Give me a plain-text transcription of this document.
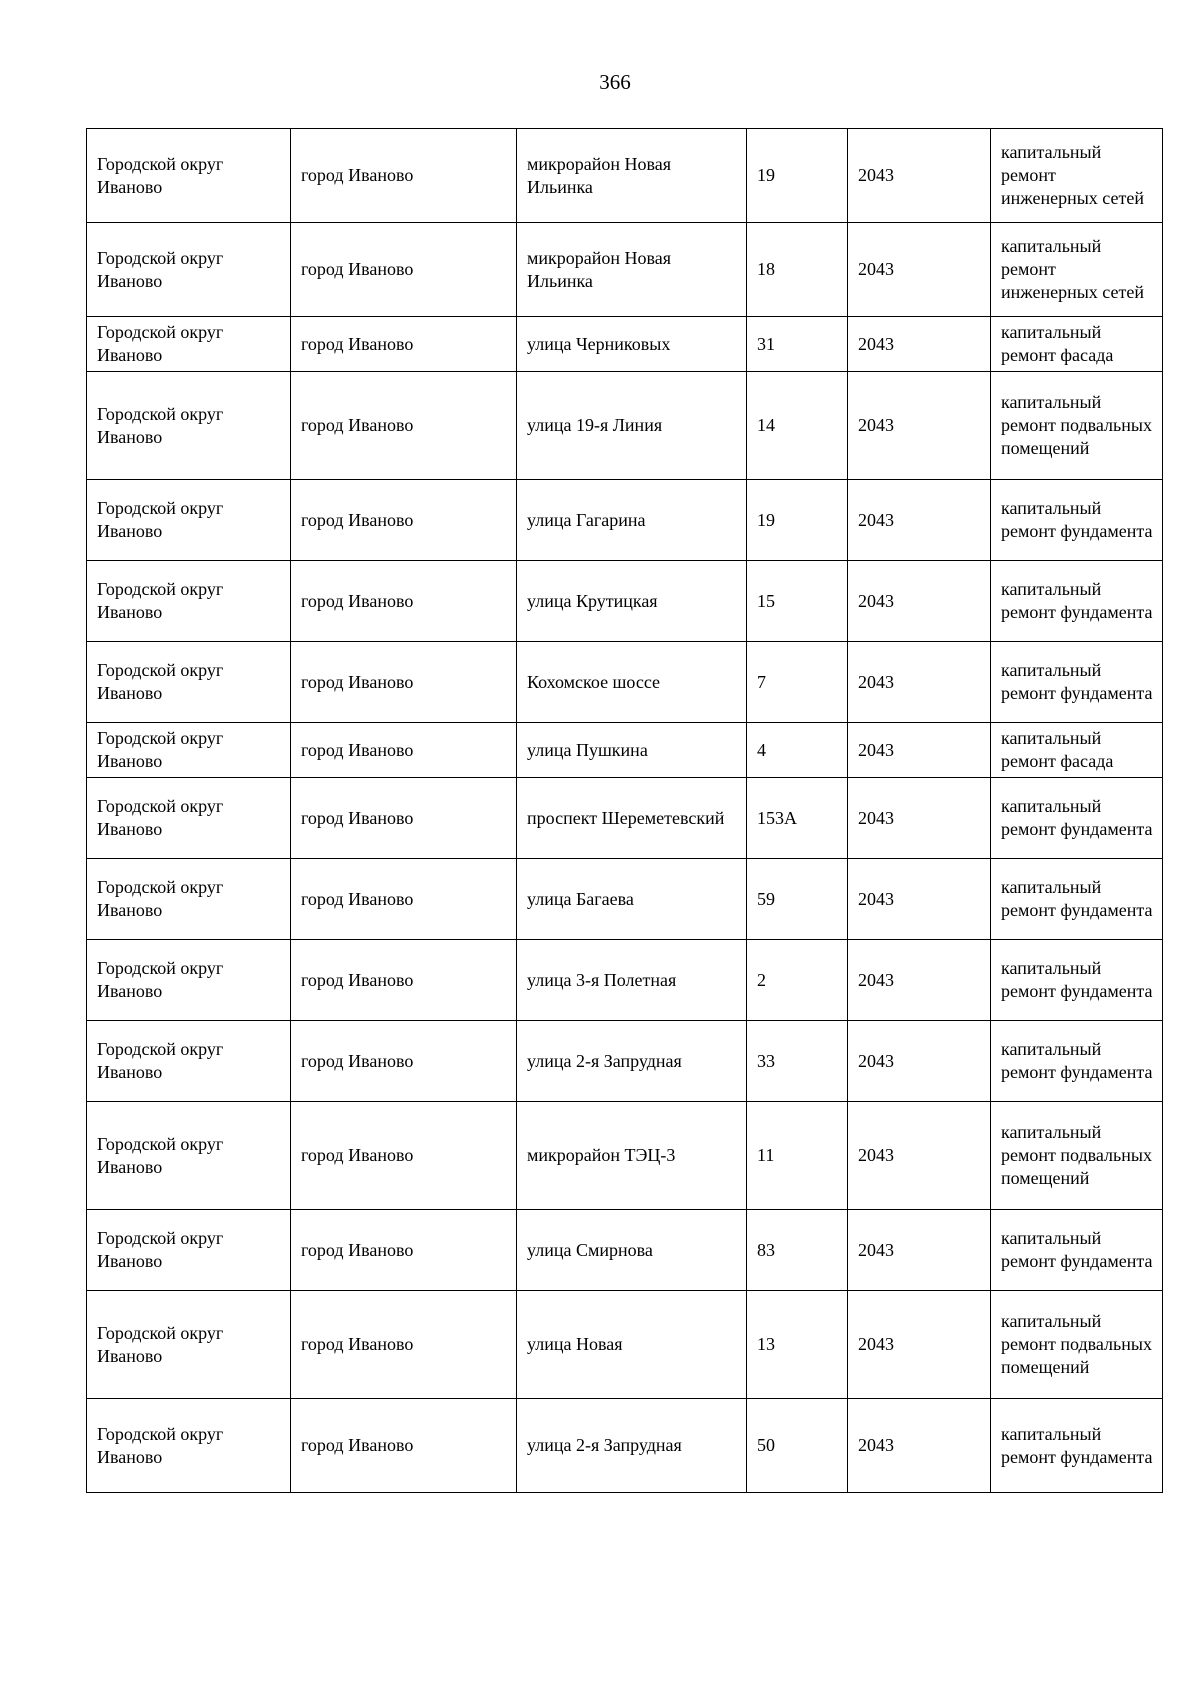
366
Городской округ Иваново	город Иваново	микрорайон Новая Ильинка	19	2043	капитальный ремонт инженерных сетей
Городской округ Иваново	город Иваново	микрорайон Новая Ильинка	18	2043	капитальный ремонт инженерных сетей
Городской округ Иваново	город Иваново	улица Черниковых	31	2043	капитальный ремонт фасада
Городской округ Иваново	город Иваново	улица 19-я Линия	14	2043	капитальный ремонт подвальных помещений
Городской округ Иваново	город Иваново	улица Гагарина	19	2043	капитальный ремонт фундамента
Городской округ Иваново	город Иваново	улица Крутицкая	15	2043	капитальный ремонт фундамента
Городской округ Иваново	город Иваново	Кохомское шоссе	7	2043	капитальный ремонт фундамента
Городской округ Иваново	город Иваново	улица Пушкина	4	2043	капитальный ремонт фасада
Городской округ Иваново	город Иваново	проспект Шереметевский	153А	2043	капитальный ремонт фундамента
Городской округ Иваново	город Иваново	улица Багаева	59	2043	капитальный ремонт фундамента
Городской округ Иваново	город Иваново	улица 3-я Полетная	2	2043	капитальный ремонт фундамента
Городской округ Иваново	город Иваново	улица 2-я Запрудная	33	2043	капитальный ремонт фундамента
Городской округ Иваново	город Иваново	микрорайон ТЭЦ-3	11	2043	капитальный ремонт подвальных помещений
Городской округ Иваново	город Иваново	улица Смирнова	83	2043	капитальный ремонт фундамента
Городской округ Иваново	город Иваново	улица Новая	13	2043	капитальный ремонт подвальных помещений
Городской округ Иваново	город Иваново	улица 2-я Запрудная	50	2043	капитальный ремонт фундамента
